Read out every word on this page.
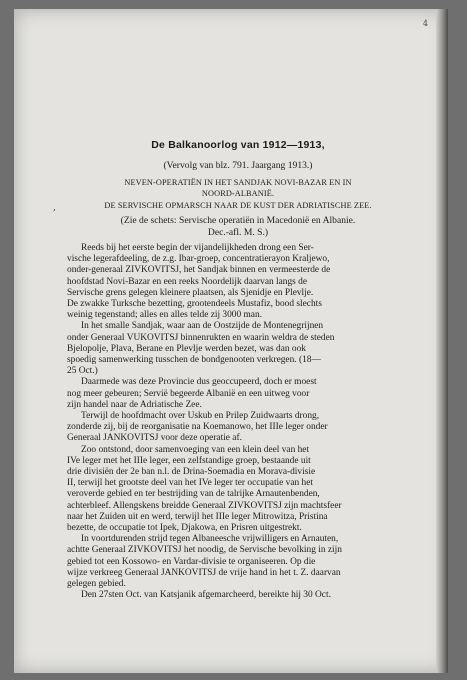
4
,
De Balkanoorlog van 1912—1913,
(Vervolg van blz. 791. Jaargang 1913.)
NEVEN-OPERATIËN IN HET SANDJAK NOVI-BAZAR EN IN
NOORD-ALBANIË.
DE SERVISCHE OPMARSCH NAAR DE KUST DER ADRIATISCHE ZEE.
(Zie de schets: Servische operatiën in Macedonië en Albanie.
Dec.-afl. M. S.)

Reeds bij het eerste begin der vijandelijkheden drong een Ser-
vische legerafdeeling, de z.g. Ibar-groep, concentratierayon Kraljewo,
onder-generaal ZIVKOVITSJ, het Sandjak binnen en vermeesterde de
hoofdstad Novi-Bazar en een reeks Noordelijk daarvan langs de
Servische grens gelegen kleinere plaatsen, als Sjenidje en Plevlje.
De zwakke Turksche bezetting, grootendeels Mustafiz, bood slechts
weinig tegenstand; alles en alles telde zij 3000 man.

In het smalle Sandjak, waar aan de Oostzijde de Montenegrijnen
onder Generaal VUKOVITSJ binnenrukten en waarin weldra de steden
Bjelopolje, Plava, Berane en Plevlje werden bezet, was dan ook
spoedig samenwerking tusschen de bondgenooten verkregen. (18—
25 Oct.)

Daarmede was deze Provincie dus geoccupeerd, doch er moest
nog meer gebeuren; Servië begeerde Albanië en een uitweg voor
zijn handel naar de Adriatische Zee.

Terwijl de hoofdmacht over Uskub en Prilep Zuidwaarts drong,
zonderde zij, bij de reorganisatie na Koemanowo, het IIIe leger onder
Generaal JANKOVITSJ voor deze operatie af.

Zoo ontstond, door samenvoeging van een klein deel van het
IVe leger met het IIIe leger, een zelfstandige groep, bestaande uit
drie divisiën der 2e ban n.l. de Drina-Soemadia en Morava-divisie
II, terwijl het grootste deel van het IVe leger ter occupatie van het
veroverde gebied en ter bestrijding van de talrijke Arnautenbenden,
achterbleef. Allengskens breidde Generaal ZIVKOVITSJ zijn machtsfeer
naar het Zuiden uit en werd, terwijl het IIIe leger Mitrowitza, Pristina
bezette, de occupatie tot Ipek, Djakowa, en Prisren uitgestrekt.

In voortdurenden strijd tegen Albaneesche vrijwilligers en Arnauten,
achtte Generaal ZIVKOVITSJ het noodig, de Servische bevolking in zijn
gebied tot een Kossowo- en Vardar-divisie te organiseeren. Op die
wijze verkreeg Generaal JANKOVITSJ de vrije hand in het t. Z. daarvan
gelegen gebied.

Den 27sten Oct. van Katsjanik afgemarcheerd, bereikte hij 30 Oct.
